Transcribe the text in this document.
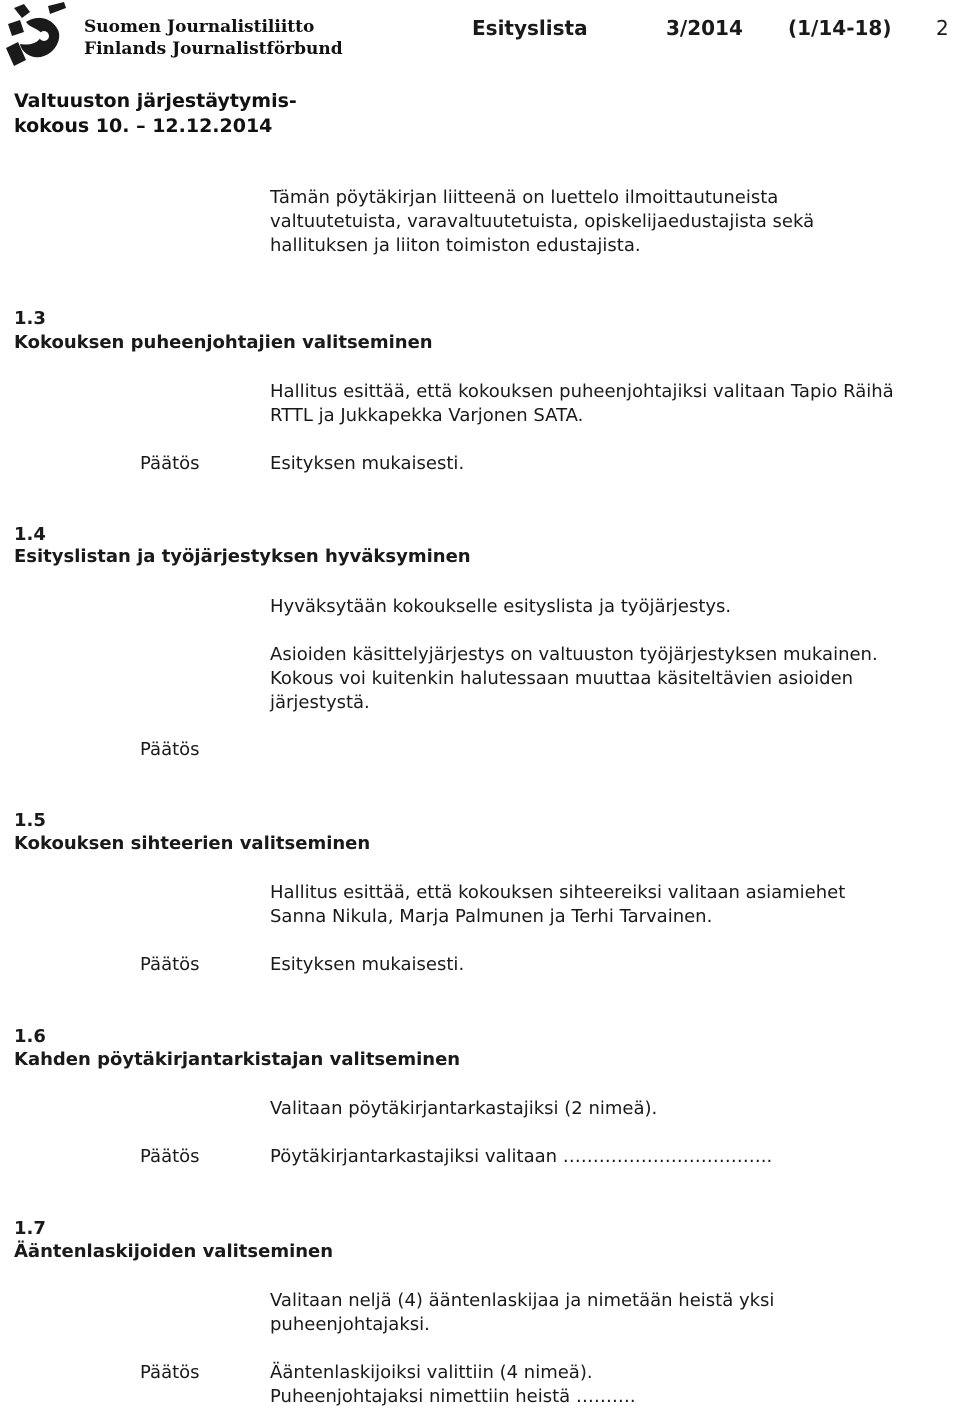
Suomen Journalistiliitto
Finlands Journalistförbund
Esityslista	3/2014 (1/14-18) 2
Valtuuston järjestäytymis-
kokous 10. – 12.12.2014
Tämän pöytäkirjan liitteenä on luettelo ilmoittautuneista
valtuutetuista, varavaltuutetuista, opiskelijaedustajista sekä
hallituksen ja liiton toimiston edustajista.
1.3
Kokouksen puheenjohtajien valitseminen
Hallitus esittää, että kokouksen puheenjohtajiksi valitaan Tapio Räihä
RTTL ja Jukkapekka Varjonen SATA.
Päätös	Esityksen mukaisesti.
1.4
Esityslistan ja työjärjestyksen hyväksyminen
Hyväksytään kokoukselle esityslista ja työjärjestys.
Asioiden käsittelyjärjestys on valtuuston työjärjestyksen mukainen.
Kokous voi kuitenkin halutessaan muuttaa käsiteltävien asioiden
järjestystä.
Päätös
1.5
Kokouksen sihteerien valitseminen
Hallitus esittää, että kokouksen sihteereiksi valitaan asiamiehet
Sanna Nikula, Marja Palmunen ja Terhi Tarvainen.
Päätös	Esityksen mukaisesti.
1.6
Kahden pöytäkirjantarkistajan valitseminen
Valitaan pöytäkirjantarkastajiksi (2 nimeä).
Päätös	Pöytäkirjantarkastajiksi valitaan ……………………………..
1.7
Ääntenlaskijoiden valitseminen
Valitaan neljä (4) ääntenlaskijaa ja nimetään heistä yksi
puheenjohtajaksi.
Päätös	Ääntenlaskijoiksi valittiin (4 nimeä).
Puheenjohtajaksi nimettiin heistä ……….
